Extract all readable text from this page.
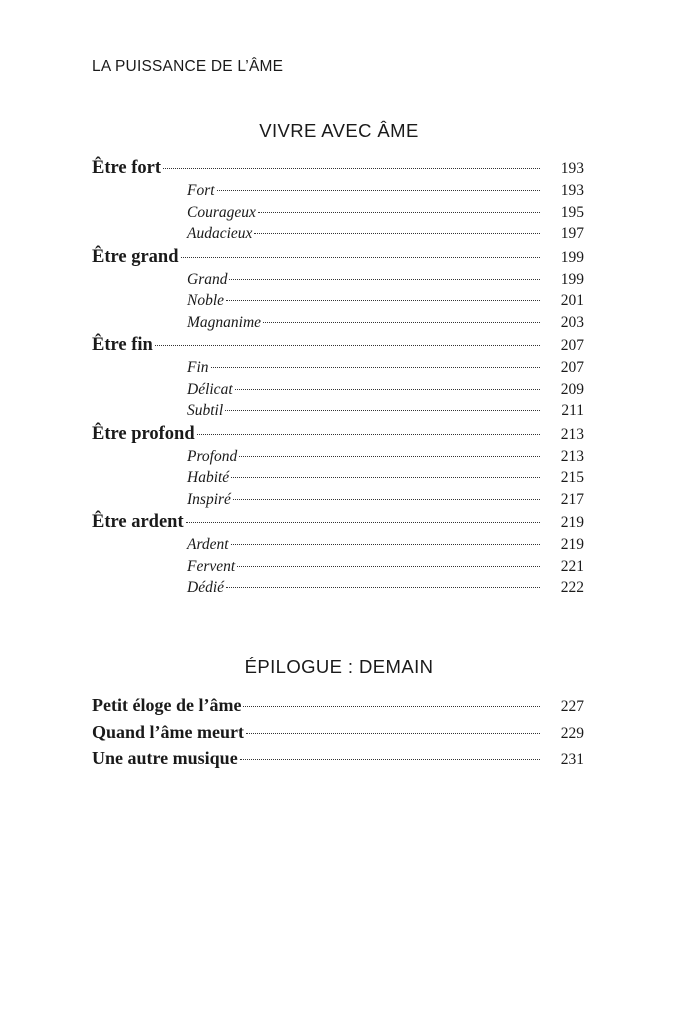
LA PUISSANCE DE L’ÂME
VIVRE AVEC ÂME
Être fort	193
Fort	193
Courageux	195
Audacieux	197
Être grand	199
Grand	199
Noble	201
Magnanime	203
Être fin	207
Fin	207
Délicat	209
Subtil	211
Être profond	213
Profond	213
Habité	215
Inspiré	217
Être ardent	219
Ardent	219
Fervent	221
Dédié	222
ÉPILOGUE : DEMAIN
Petit éloge de l’âme	227
Quand l’âme meurt	229
Une autre musique	231
